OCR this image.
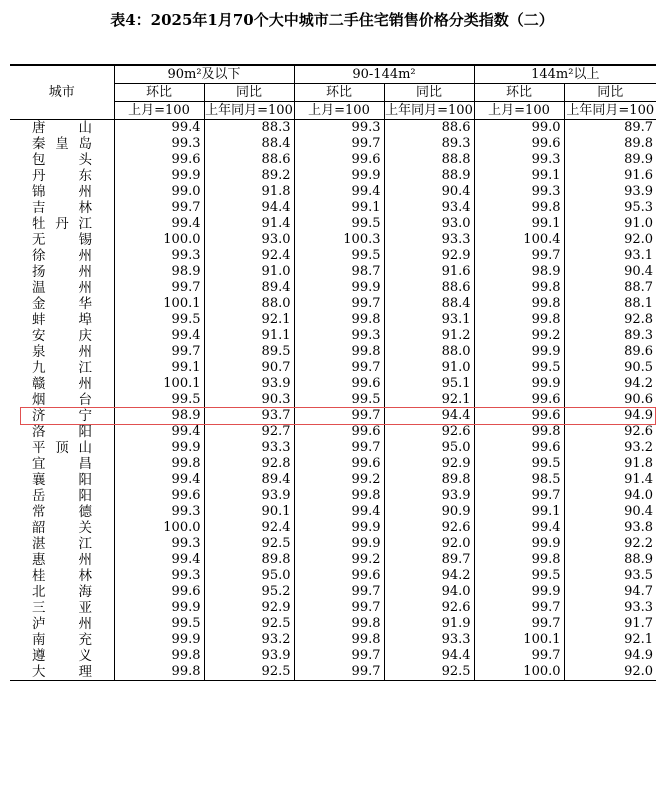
表4：2025年1月70个大中城市二手住宅销售价格分类指数（二）
城市	90m²及以下		90-144m²		144m²以上	
	环比	同比	环比	同比	环比	同比
	上月=100	上年同月=100	上月=100	上年同月=100	上月=100	上年同月=100
唐山	99.4	88.3	99.3	88.6	99.0	89.7
秦皇岛	99.3	88.4	99.7	89.3	99.6	89.8
包头	99.6	88.6	99.6	88.8	99.3	89.9
丹东	99.9	89.2	99.9	88.9	99.1	91.6
锦州	99.0	91.8	99.4	90.4	99.3	93.9
吉林	99.7	94.4	99.1	93.4	99.8	95.3
牡丹江	99.4	91.4	99.5	93.0	99.1	91.0
无锡	100.0	93.0	100.3	93.3	100.4	92.0
徐州	99.3	92.4	99.5	92.9	99.7	93.1
扬州	98.9	91.0	98.7	91.6	98.9	90.4
温州	99.7	89.4	99.9	88.6	99.8	88.7
金华	100.1	88.0	99.7	88.4	99.8	88.1
蚌埠	99.5	92.1	99.8	93.1	99.8	92.8
安庆	99.4	91.1	99.3	91.2	99.2	89.3
泉州	99.7	89.5	99.8	88.0	99.9	89.6
九江	99.1	90.7	99.7	91.0	99.5	90.5
赣州	100.1	93.9	99.6	95.1	99.9	94.2
烟台	99.5	90.3	99.5	92.1	99.6	90.6
济宁	98.9	93.7	99.7	94.4	99.6	94.9
洛阳	99.4	92.7	99.6	92.6	99.8	92.6
平顶山	99.9	93.3	99.7	95.0	99.6	93.2
宜昌	99.8	92.8	99.6	92.9	99.5	91.8
襄阳	99.4	89.4	99.2	89.8	98.5	91.4
岳阳	99.6	93.9	99.8	93.9	99.7	94.0
常德	99.3	90.1	99.4	90.9	99.1	90.4
韶关	100.0	92.4	99.9	92.6	99.4	93.8
湛江	99.3	92.5	99.9	92.0	99.9	92.2
惠州	99.4	89.8	99.2	89.7	99.8	88.9
桂林	99.3	95.0	99.6	94.2	99.5	93.5
北海	99.6	95.2	99.7	94.0	99.9	94.7
三亚	99.9	92.9	99.7	92.6	99.7	93.3
泸州	99.5	92.5	99.8	91.9	99.7	91.7
南充	99.9	93.2	99.8	93.3	100.1	92.1
遵义	99.8	93.9	99.7	94.4	99.7	94.9
大理	99.8	92.5	99.7	92.5	100.0	92.0
